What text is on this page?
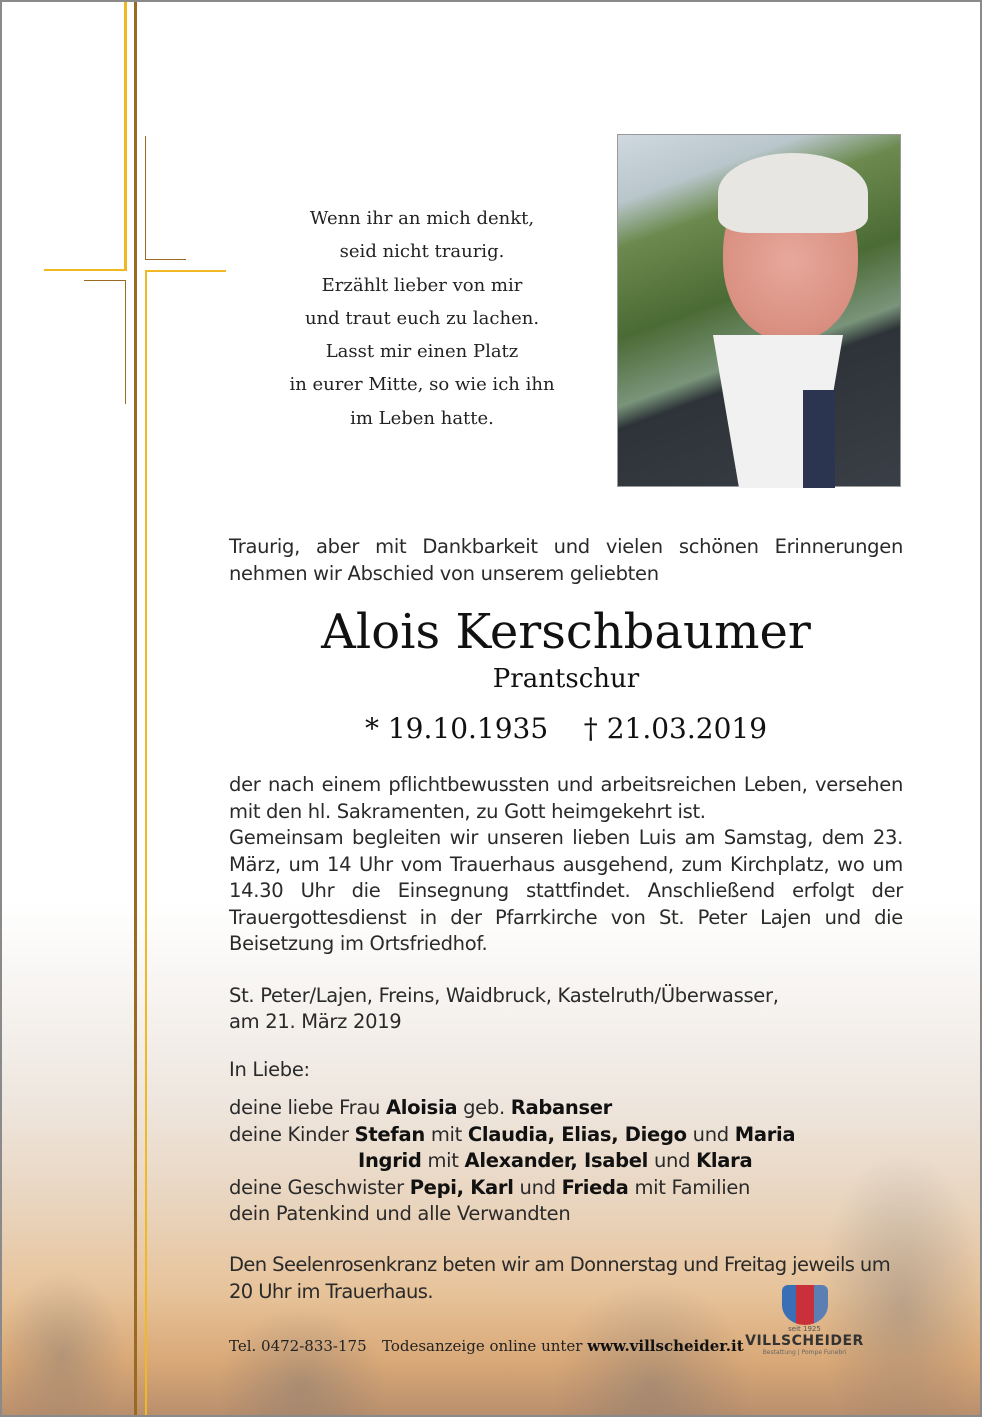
Wenn ihr an mich denkt,
seid nicht traurig.
Erzählt lieber von mir
und traut euch zu lachen.
Lasst mir einen Platz
in eurer Mitte, so wie ich ihn
im Leben hatte.
Traurig, aber mit Dankbarkeit und vielen schönen Erinnerungen nehmen wir Abschied von unserem geliebten
Alois Kerschbaumer
Prantschur
* 19.10.1935 † 21.03.2019
der nach einem pflichtbewussten und arbeitsreichen Leben, versehen mit den hl. Sakramenten, zu Gott heimgekehrt ist.
Gemeinsam begleiten wir unseren lieben Luis am Samstag, dem 23. März, um 14 Uhr vom Trauerhaus ausgehend, zum Kirchplatz, wo um 14.30 Uhr die Einsegnung stattfindet. Anschließend erfolgt der Trauergottesdienst in der Pfarrkirche von St. Peter Lajen und die Beisetzung im Ortsfriedhof.
St. Peter/Lajen, Freins, Waidbruck, Kastelruth/Überwasser,
am 21. März 2019
In Liebe:
deine liebe Frau Aloisia geb. Rabanser
deine Kinder Stefan mit Claudia, Elias, Diego und Maria
Ingrid mit Alexander, Isabel und Klara
deine Geschwister Pepi, Karl und Frieda mit Familien
dein Patenkind und alle Verwandten
Den Seelenrosenkranz beten wir am Donnerstag und Freitag jeweils um 20 Uhr im Trauerhaus.
Tel. 0472-833-175 Todesanzeige online unter www.villscheider.it
seit 1925
VILLSCHEIDER
Bestattung | Pompe Funebri
